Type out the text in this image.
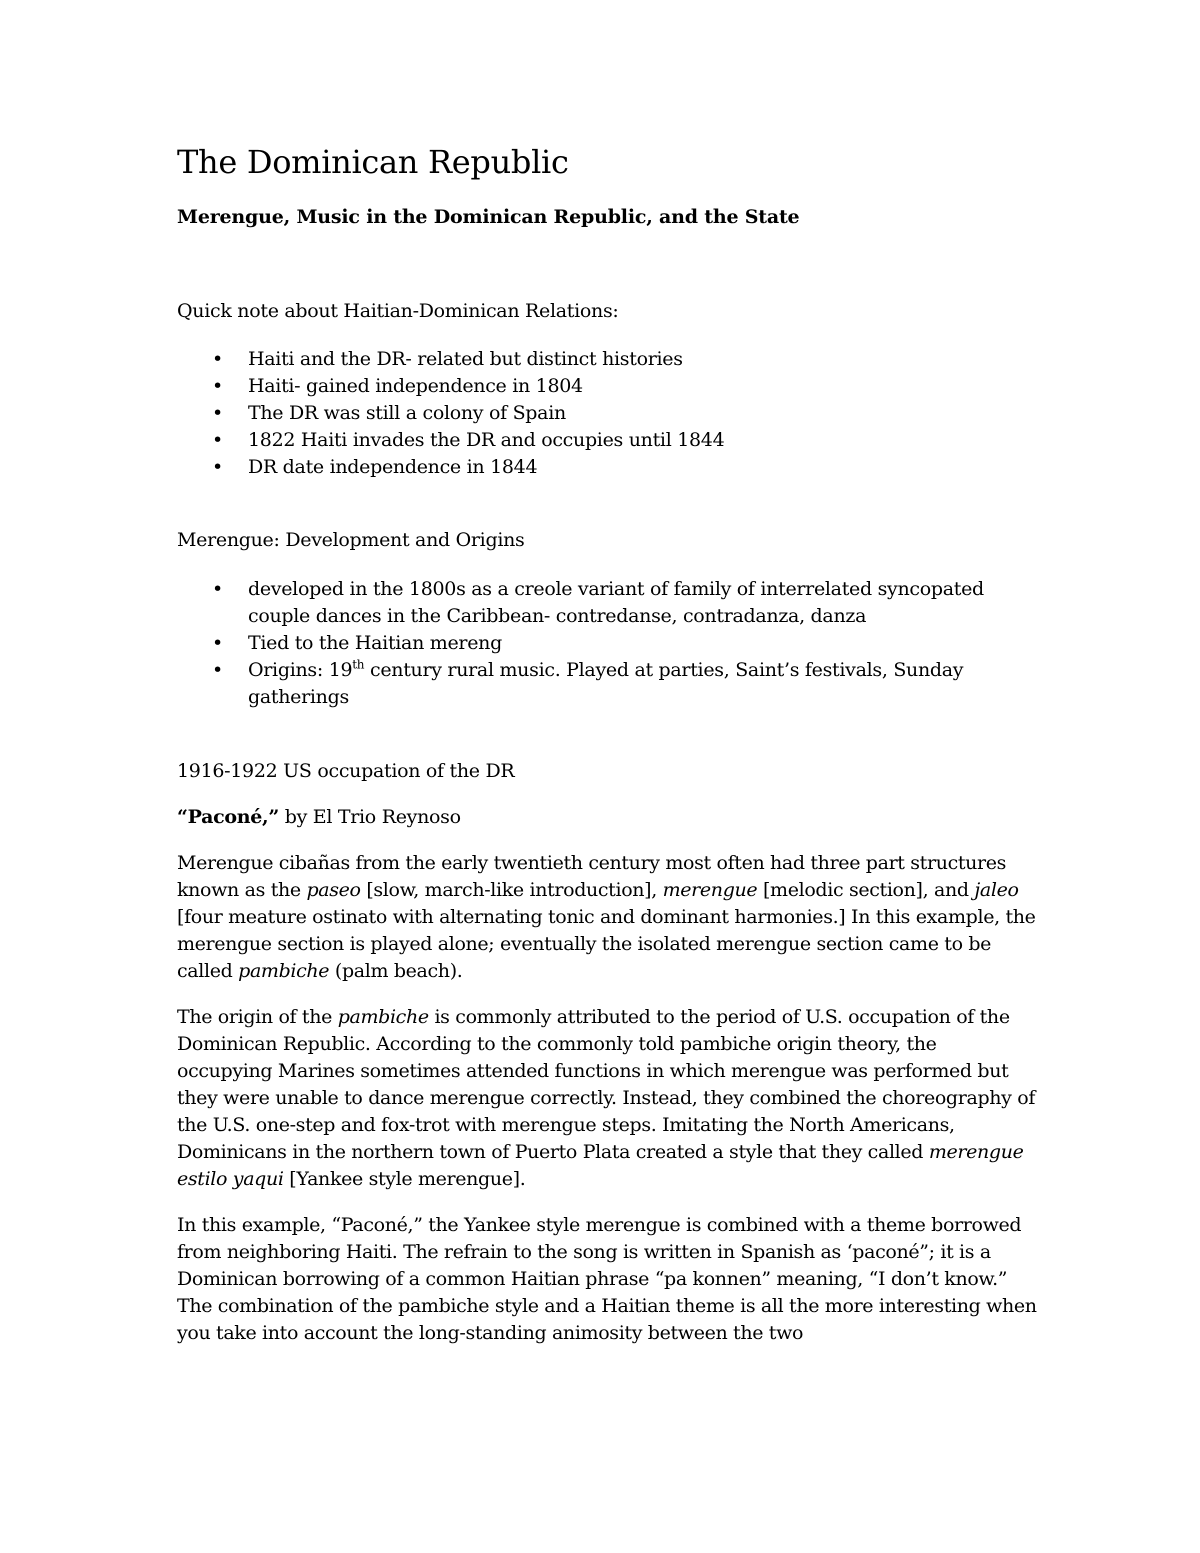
The Dominican Republic
Merengue, Music in the Dominican Republic, and the State

Quick note about Haitian-Dominican Relations:

• Haiti and the DR- related but distinct histories
• Haiti- gained independence in 1804
• The DR was still a colony of Spain
• 1822 Haiti invades the DR and occupies until 1844
• DR date independence in 1844

Merengue: Development and Origins

• developed in the 1800s as a creole variant of family of interrelated syncopated couple dances in the Caribbean- contredanse, contradanza, danza
• Tied to the Haitian mereng
• Origins: 19th century rural music. Played at parties, Saint’s festivals, Sunday gatherings

1916-1922 US occupation of the DR

“Paconé,” by El Trio Reynoso

Merengue cibañas from the early twentieth century most often had three part structures known as the paseo [slow, march-like introduction], merengue [melodic section], and jaleo [four meature ostinato with alternating tonic and dominant harmonies.] In this example, the merengue section is played alone; eventually the isolated merengue section came to be called pambiche (palm beach).

The origin of the pambiche is commonly attributed to the period of U.S. occupation of the Dominican Republic. According to the commonly told pambiche origin theory, the occupying Marines sometimes attended functions in which merengue was performed but they were unable to dance merengue correctly. Instead, they combined the choreography of the U.S. one-step and fox-trot with merengue steps. Imitating the North Americans, Dominicans in the northern town of Puerto Plata created a style that they called merengue estilo yaqui [Yankee style merengue].

In this example, “Paconé,” the Yankee style merengue is combined with a theme borrowed from neighboring Haiti. The refrain to the song is written in Spanish as ‘paconé”; it is a Dominican borrowing of a common Haitian phrase “pa konnen” meaning, “I don’t know.” The combination of the pambiche style and a Haitian theme is all the more interesting when you take into account the long-standing animosity between the two
